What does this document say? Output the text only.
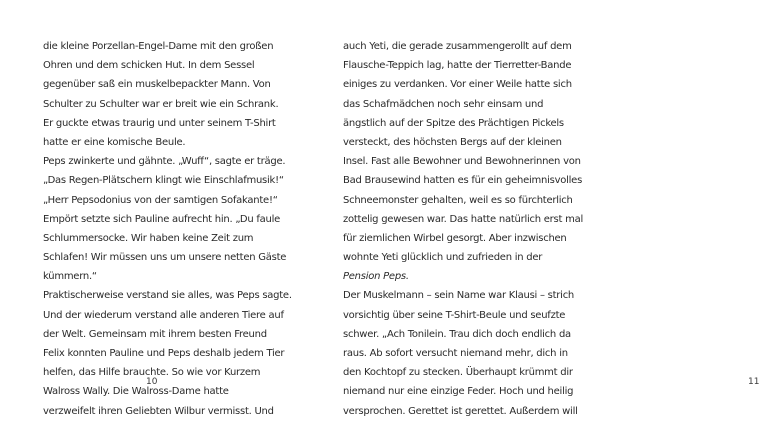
die kleine Porzellan-Engel-Dame mit den großen
Ohren und dem schicken Hut. In dem Sessel
gegenüber saß ein muskelbepackter Mann. Von
Schulter zu Schulter war er breit wie ein Schrank.
Er guckte etwas traurig und unter seinem T-Shirt
hatte er eine komische Beule.
Peps zwinkerte und gähnte. „Wuff“, sagte er träge.
„Das Regen-Plätschern klingt wie Einschlafmusik!“
„Herr Pepsodonius von der samtigen Sofakante!“
Empört setzte sich Pauline aufrecht hin. „Du faule
Schlummersocke. Wir haben keine Zeit zum
Schlafen! Wir müssen uns um unsere netten Gäste
kümmern.“
Praktischerweise verstand sie alles, was Peps sagte.
Und der wiederum verstand alle anderen Tiere auf
der Welt. Gemeinsam mit ihrem besten Freund
Felix konnten Pauline und Peps deshalb jedem Tier
helfen, das Hilfe brauchte. So wie vor Kurzem
Walross Wally. Die Walross-Dame hatte
verzweifelt ihren Geliebten Wilbur vermisst. Und
10	11
auch Yeti, die gerade zusammengerollt auf dem
Flausche-Teppich lag, hatte der Tierretter-Bande
einiges zu verdanken. Vor einer Weile hatte sich
das Schafmädchen noch sehr einsam und
ängstlich auf der Spitze des Prächtigen Pickels
versteckt, des höchsten Bergs auf der kleinen
Insel. Fast alle Bewohner und Bewohnerinnen von
Bad Brausewind hatten es für ein geheimnisvolles
Schneemonster gehalten, weil es so fürchterlich
zottelig gewesen war. Das hatte natürlich erst mal
für ziemlichen Wirbel gesorgt. Aber inzwischen
wohnte Yeti glücklich und zufrieden in der
Pension Peps.
Der Muskelmann – sein Name war Klausi – strich
vorsichtig über seine T-Shirt-Beule und seufzte
schwer. „Ach Tonilein. Trau dich doch endlich da
raus. Ab sofort versucht niemand mehr, dich in
den Kochtopf zu stecken. Überhaupt krümmt dir
niemand nur eine einzige Feder. Hoch und heilig
versprochen. Gerettet ist gerettet. Außerdem will
